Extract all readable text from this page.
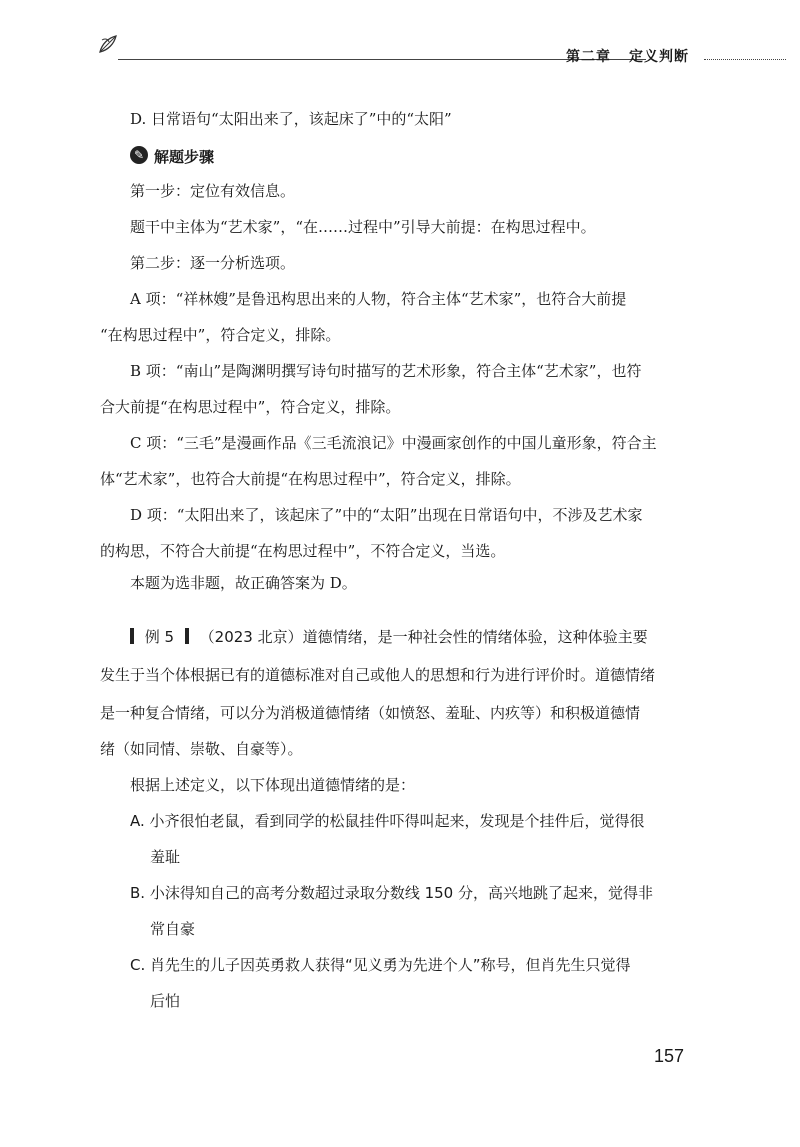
第二章 定义判断
D. 日常语句“太阳出来了，该起床了”中的“太阳”
✎ 解题步骤
第一步：定位有效信息。
题干中主体为“艺术家”，“在……过程中”引导大前提：在构思过程中。
第二步：逐一分析选项。
A 项：“祥林嫂”是鲁迅构思出来的人物，符合主体“艺术家”，也符合大前提
“在构思过程中”，符合定义，排除。
B 项：“南山”是陶渊明撰写诗句时描写的艺术形象，符合主体“艺术家”，也符
合大前提“在构思过程中”，符合定义，排除。
C 项：“三毛”是漫画作品《三毛流浪记》中漫画家创作的中国儿童形象，符合主
体“艺术家”，也符合大前提“在构思过程中”，符合定义，排除。
D 项：“太阳出来了，该起床了”中的“太阳”出现在日常语句中，不涉及艺术家
的构思，不符合大前提“在构思过程中”，不符合定义，当选。
本题为选非题，故正确答案为 D。
例 5 （2023 北京）道德情绪，是一种社会性的情绪体验，这种体验主要
发生于当个体根据已有的道德标准对自己或他人的思想和行为进行评价时。道德情绪
是一种复合情绪，可以分为消极道德情绪（如愤怒、羞耻、内疚等）和积极道德情
绪（如同情、崇敬、自豪等）。
根据上述定义，以下体现出道德情绪的是：
A. 小齐很怕老鼠，看到同学的松鼠挂件吓得叫起来，发现是个挂件后，觉得很
羞耻
B. 小沫得知自己的高考分数超过录取分数线 150 分，高兴地跳了起来，觉得非
常自豪
C. 肖先生的儿子因英勇救人获得“见义勇为先进个人”称号，但肖先生只觉得
后怕
157
